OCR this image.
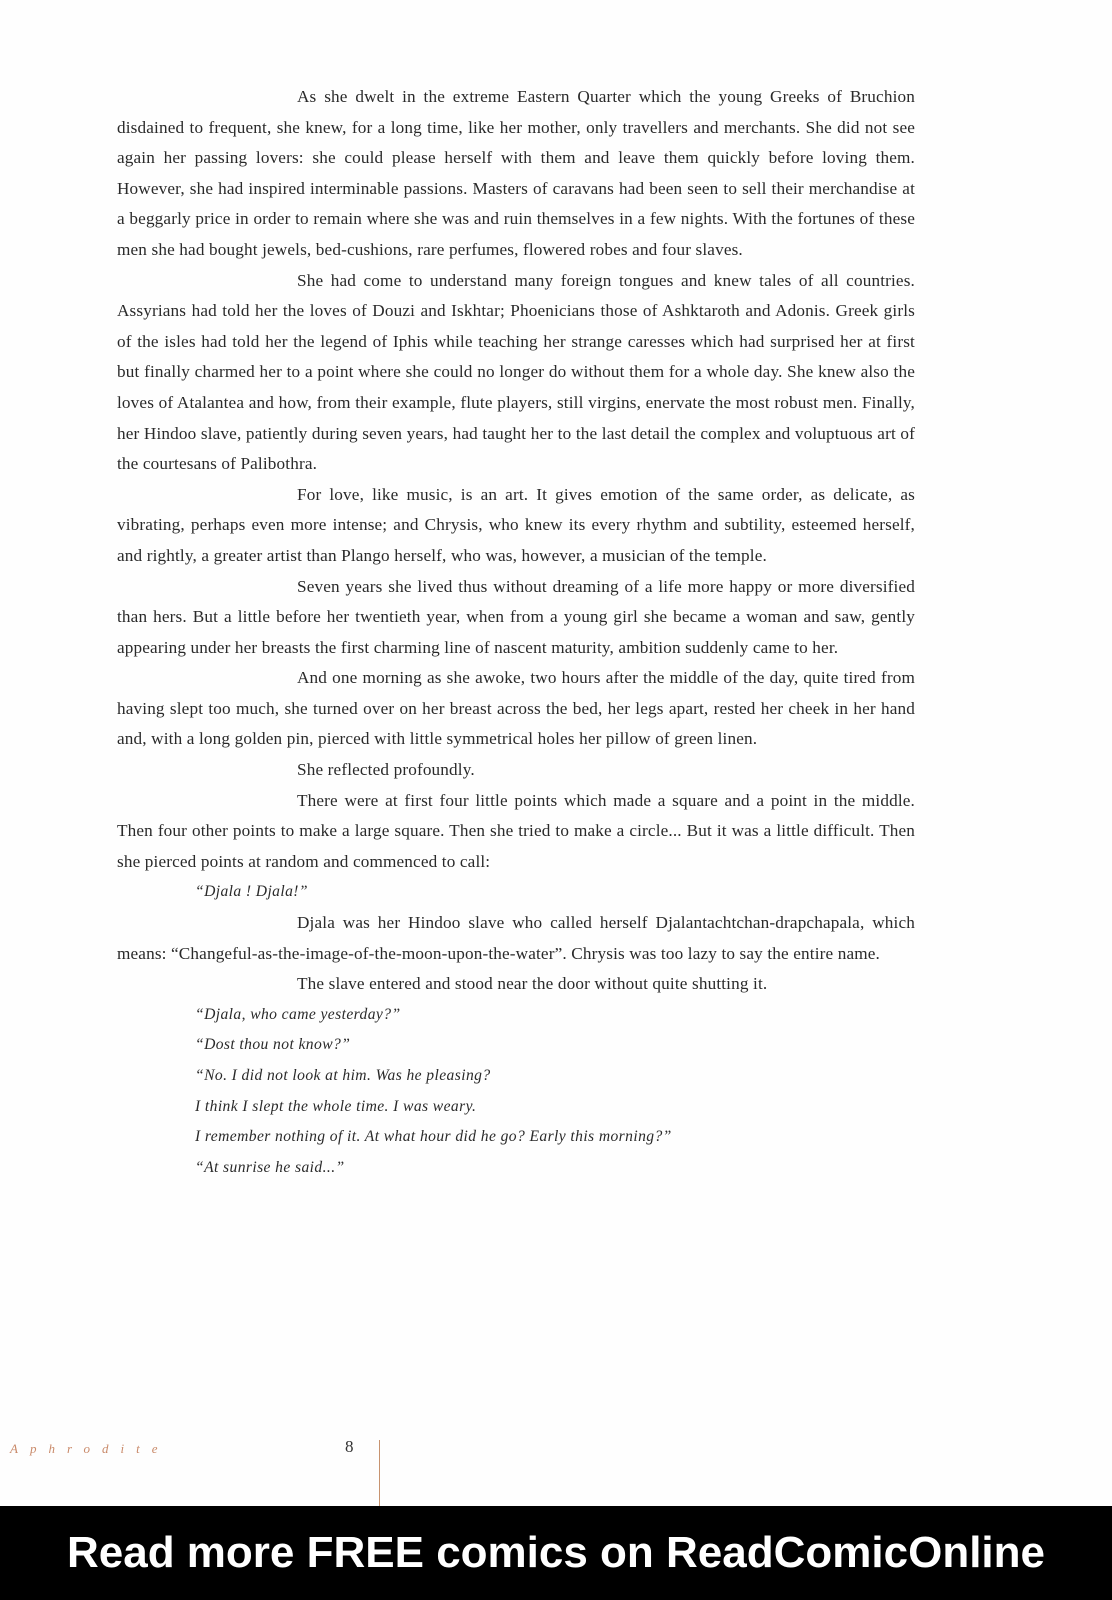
As she dwelt in the extreme Eastern Quarter which the young Greeks of Bruchion disdained to frequent, she knew, for a long time, like her mother, only travellers and merchants. She did not see again her passing lovers: she could please herself with them and leave them quickly before loving them. However, she had inspired interminable passions. Masters of caravans had been seen to sell their merchandise at a beggarly price in order to remain where she was and ruin themselves in a few nights. With the fortunes of these men she had bought jewels, bed-cushions, rare perfumes, flowered robes and four slaves.

She had come to understand many foreign tongues and knew tales of all countries. Assyrians had told her the loves of Douzi and Iskhtar; Phoenicians those of Ashktaroth and Adonis. Greek girls of the isles had told her the legend of Iphis while teaching her strange caresses which had surprised her at first but finally charmed her to a point where she could no longer do without them for a whole day. She knew also the loves of Atalantea and how, from their example, flute players, still virgins, enervate the most robust men. Finally, her Hindoo slave, patiently during seven years, had taught her to the last detail the complex and voluptuous art of the courtesans of Palibothra.

For love, like music, is an art. It gives emotion of the same order, as delicate, as vibrating, perhaps even more intense; and Chrysis, who knew its every rhythm and subtility, esteemed herself, and rightly, a greater artist than Plango herself, who was, however, a musician of the temple.

Seven years she lived thus without dreaming of a life more happy or more diversified than hers. But a little before her twentieth year, when from a young girl she became a woman and saw, gently appearing under her breasts the first charming line of nascent maturity, ambition suddenly came to her.

And one morning as she awoke, two hours after the middle of the day, quite tired from having slept too much, she turned over on her breast across the bed, her legs apart, rested her cheek in her hand and, with a long golden pin, pierced with little symmetrical holes her pillow of green linen.

She reflected profoundly.

There were at first four little points which made a square and a point in the middle. Then four other points to make a large square. Then she tried to make a circle... But it was a little difficult. Then she pierced points at random and commenced to call:

“Djala ! Djala!”

Djala was her Hindoo slave who called herself Djalantachtchan-drapchapala, which means: “Changeful-as-the-image-of-the-moon-upon-the-water”. Chrysis was too lazy to say the entire name.

The slave entered and stood near the door without quite shutting it.

“Djala, who came yesterday?”

“Dost thou not know?”

“No. I did not look at him. Was he pleasing?

I think I slept the whole time. I was weary.

I remember nothing of it. At what hour did he go? Early this morning?”

“At sunrise he said...”

Aphrodite	8
Read more FREE comics on ReadComicOnline
